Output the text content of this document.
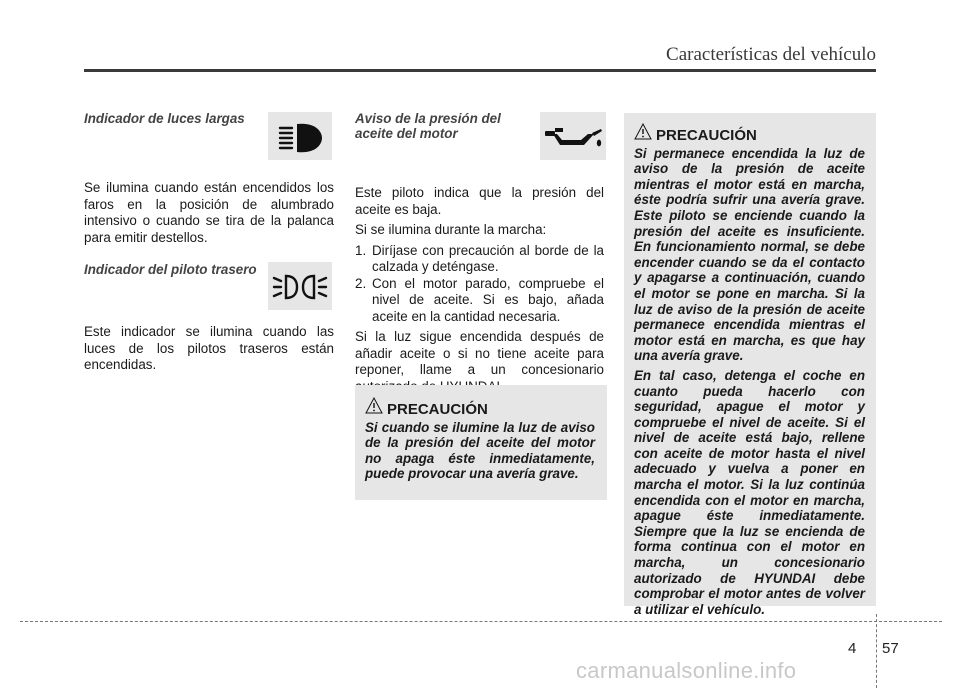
Características del vehículo
Indicador de luces largas

Se ilumina cuando están encendidos los faros en la posición de alumbrado intensivo o cuando se tira de la palanca para emitir destellos.

Indicador del piloto trasero

Este indicador se ilumina cuando las luces de los pilotos traseros están encendidas.

Aviso de la presión del
aceite del motor

Este piloto indica que la presión del aceite es baja.

Si se ilumina durante la marcha:

1. Diríjase con precaución al borde de la calzada y deténgase.
2. Con el motor parado, compruebe el nivel de aceite. Si es bajo, añada aceite en la cantidad necesaria.

Si la luz sigue encendida después de añadir aceite o si no tiene aceite para reponer, llame a un concesionario

PRECAUCIÓN

Si cuando se ilumine la luz de aviso de la presión del aceite del motor no apaga éste inmediatamente, puede provocar una avería grave.

PRECAUCIÓN

Si permanece encendida la luz de aviso de la presión de aceite mientras el motor está en marcha, éste podría sufrir una avería grave. Este piloto se enciende cuando la presión del aceite es insuficiente. En funcionamiento normal, se debe encender cuando se da el contacto y apagarse a continuación, cuando el motor se pone en marcha. Si la luz de aviso de la presión de aceite permanece encendida mientras el motor está en marcha, es que hay una avería grave.

En tal caso, detenga el coche en cuanto pueda hacerlo con seguridad, apague el motor y compruebe el nivel de aceite. Si el nivel de aceite está bajo, rellene con aceite de motor hasta el nivel adecuado y vuelva a poner en marcha el motor. Si la luz continúa encendida con el motor en marcha, apague éste inmediatamente. Siempre que la luz se encienda de forma continua con el motor en marcha, un concesionario autorizado de HYUNDAI debe comprobar el motor antes de volver a utilizar el vehículo.

4 57
carmanualsonline.info
